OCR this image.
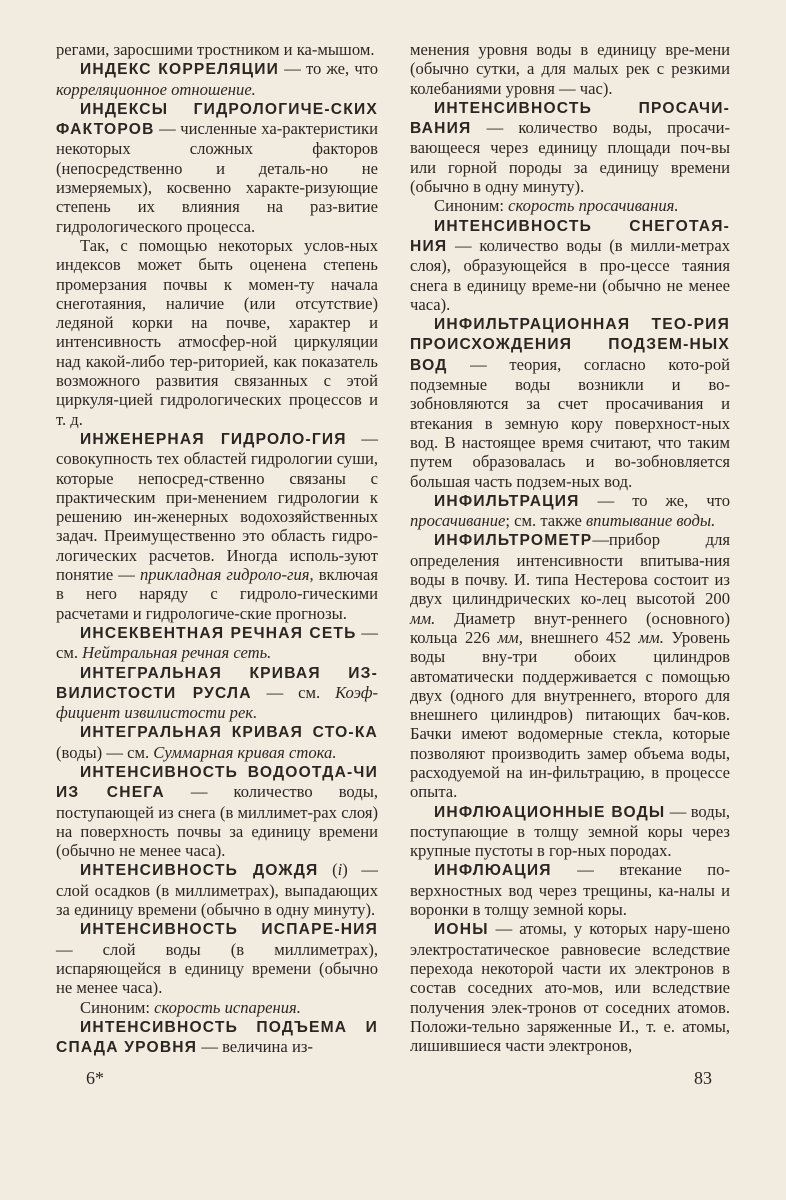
регами, заросшими тростником и ка-мышом.

ИНДЕКС КОРРЕЛЯЦИИ — то же, что корреляционное отношение.

ИНДЕКСЫ ГИДРОЛОГИЧЕ-СКИХ ФАКТОРОВ — численные ха-рактеристики некоторых сложных факторов (непосредственно и деталь-но не измеряемых), косвенно характе-ризующие степень их влияния на раз-витие гидрологического процесса.

Так, с помощью некоторых услов-ных индексов может быть оценена степень промерзания почвы к момен-ту начала снеготаяния, наличие (или отсутствие) ледяной корки на почве, характер и интенсивность атмосфер-ной циркуляции над какой-либо тер-риторией, как показатель возможного развития связанных с этой циркуля-цией гидрологических процессов и т. д.

ИНЖЕНЕРНАЯ ГИДРОЛО-ГИЯ — совокупность тех областей гидрологии суши, которые непосред-ственно связаны с практическим при-менением гидрологии к решению ин-женерных водохозяйственных задач. Преимущественно это область гидро-логических расчетов. Иногда исполь-зуют понятие — прикладная гидроло-гия, включая в него наряду с гидроло-гическими расчетами и гидрологиче-ские прогнозы.

ИНСЕКВЕНТНАЯ РЕЧНАЯ СЕТЬ — см. Нейтральная речная сеть.

ИНТЕГРАЛЬНАЯ КРИВАЯ ИЗ-ВИЛИСТОСТИ РУСЛА — см. Коэф-фициент извилистости рек.

ИНТЕГРАЛЬНАЯ КРИВАЯ СТО-КА (воды) — см. Суммарная кривая стока.

ИНТЕНСИВНОСТЬ ВОДООТДА-ЧИ ИЗ СНЕГА — количество воды, поступающей из снега (в миллимет-рах слоя) на поверхность почвы за единицу времени (обычно не менее часа).

ИНТЕНСИВНОСТЬ ДОЖДЯ (i) — слой осадков (в миллиметрах), выпадающих за единицу времени (обычно в одну минуту).

ИНТЕНСИВНОСТЬ ИСПАРЕ-НИЯ — слой воды (в миллиметрах), испаряющейся в единицу времени (обычно не менее часа).

Синоним: скорость испарения.

ИНТЕНСИВНОСТЬ ПОДЪЕМА И СПАДА УРОВНЯ — величина из-

менения уровня воды в единицу вре-мени (обычно сутки, а для малых рек с резкими колебаниями уровня — час).

ИНТЕНСИВНОСТЬ ПРОСАЧИ-ВАНИЯ — количество воды, просачи-вающееся через единицу площади поч-вы или горной породы за единицу времени (обычно в одну минуту).

Синоним: скорость просачивания.

ИНТЕНСИВНОСТЬ СНЕГОТАЯ-НИЯ — количество воды (в милли-метрах слоя), образующейся в про-цессе таяния снега в единицу време-ни (обычно не менее часа).

ИНФИЛЬТРАЦИОННАЯ ТЕО-РИЯ ПРОИСХОЖДЕНИЯ ПОДЗЕМ-НЫХ ВОД — теория, согласно кото-рой подземные воды возникли и во-зобновляются за счет просачивания и втекания в земную кору поверхност-ных вод. В настоящее время считают, что таким путем образовалась и во-зобновляется большая часть подзем-ных вод.

ИНФИЛЬТРАЦИЯ — то же, что просачивание; см. также впитывание воды.

ИНФИЛЬТРОМЕТР—прибор для определения интенсивности впитыва-ния воды в почву. И. типа Нестерова состоит из двух цилиндрических ко-лец высотой 200 мм. Диаметр внут-реннего (основного) кольца 226 мм, внешнего 452 мм. Уровень воды вну-три обоих цилиндров автоматически поддерживается с помощью двух (одного для внутреннего, второго для внешнего цилиндров) питающих бач-ков. Бачки имеют водомерные стекла, которые позволяют производить замер объема воды, расходуемой на ин-фильтрацию, в процессе опыта.

ИНФЛЮАЦИОННЫЕ ВОДЫ — воды, поступающие в толщу земной коры через крупные пустоты в гор-ных породах.

ИНФЛЮАЦИЯ — втекание по-верхностных вод через трещины, ка-налы и воронки в толщу земной коры.

ИОНЫ — атомы, у которых нару-шено электростатическое равновесие вследствие перехода некоторой части их электронов в состав соседних ато-мов, или вследствие получения элек-тронов от соседних атомов. Положи-тельно заряженные И., т. е. атомы, лишившиеся части электронов,

6*	83
